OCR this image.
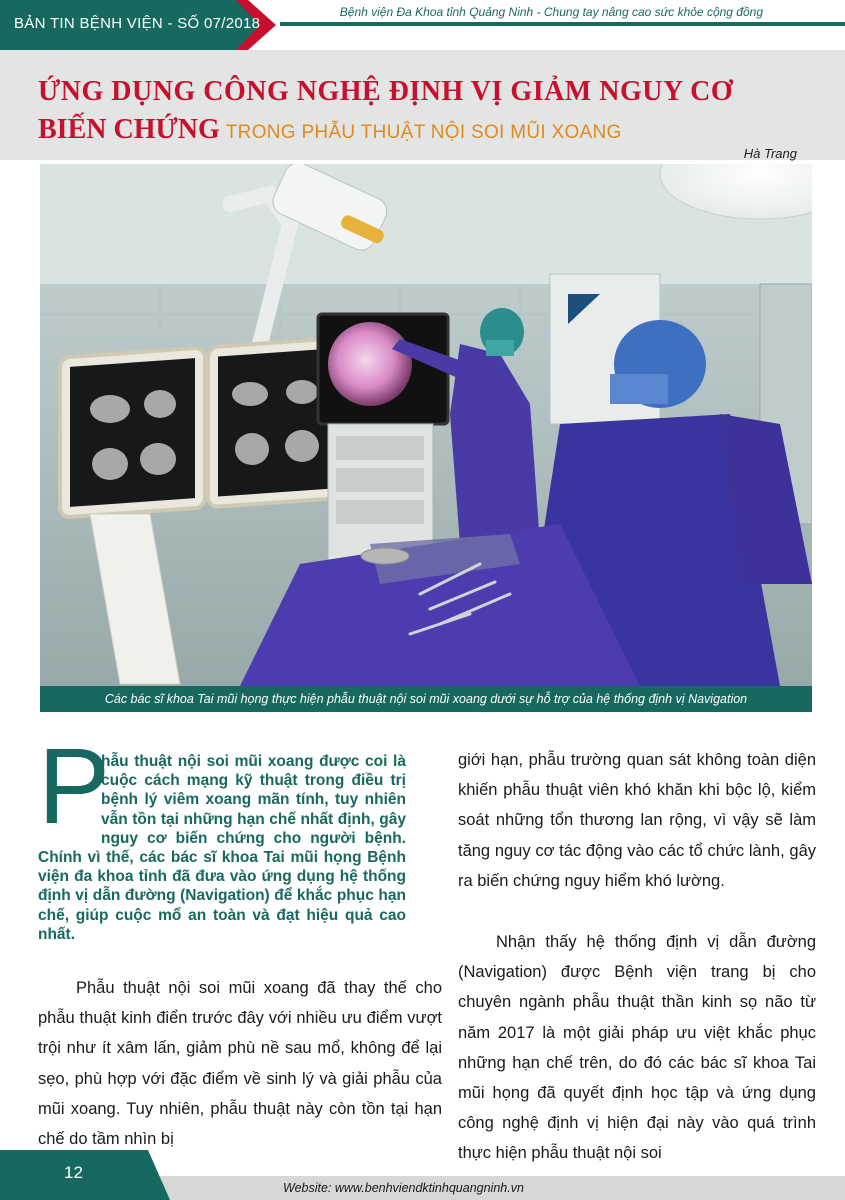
BẢN TIN BỆNH VIỆN - SỐ 07/2018
Bệnh viện Đa Khoa tỉnh Quảng Ninh - Chung tay nâng cao sức khỏe cộng đồng
ỨNG DỤNG CÔNG NGHỆ ĐỊNH VỊ GIẢM NGUY CƠ
BIẾN CHỨNG TRONG PHẪU THUẬT NỘI SOI MŨI XOANG
Hà Trang
Các bác sĩ khoa Tai mũi họng thực hiện phẫu thuật nội soi mũi xoang dưới sự hỗ trợ của hệ thống định vị Navigation
P
hẫu thuật nội soi mũi xoang được coi là cuộc cách mạng kỹ thuật trong điều trị bệnh lý viêm xoang mãn tính, tuy nhiên vẫn tồn tại những hạn chế nhất định, gây nguy cơ biến chứng cho người bệnh. Chính vì thế, các bác sĩ khoa Tai mũi họng Bệnh viện đa khoa tỉnh đã đưa vào ứng dụng hệ thống định vị dẫn đường (Navigation) để khắc phục hạn chế, giúp cuộc mổ an toàn và đạt hiệu quả cao nhất.
Phẫu thuật nội soi mũi xoang đã thay thế cho phẫu thuật kinh điển trước đây với nhiều ưu điểm vượt trội như ít xâm lấn, giảm phù nề sau mổ, không để lại sẹo, phù hợp với đặc điểm về sinh lý và giải phẫu của mũi xoang. Tuy nhiên, phẫu thuật này còn tồn tại hạn chế do tầm nhìn bị
giới hạn, phẫu trường quan sát không toàn diện khiến phẫu thuật viên khó khăn khi bộc lộ, kiểm soát những tổn thương lan rộng, vì vậy sẽ làm tăng nguy cơ tác động vào các tổ chức lành, gây ra biến chứng nguy hiểm khó lường.
Nhận thấy hệ thống định vị dẫn đường (Navigation) được Bệnh viện trang bị cho chuyên ngành phẫu thuật thần kinh sọ não từ năm 2017 là một giải pháp ưu việt khắc phục những hạn chế trên, do đó các bác sĩ khoa Tai mũi họng đã quyết định học tập và ứng dụng công nghệ định vị hiện đại này vào quá trình thực hiện phẫu thuật nội soi
12
Website: www.benhviendktinhquangninh.vn
